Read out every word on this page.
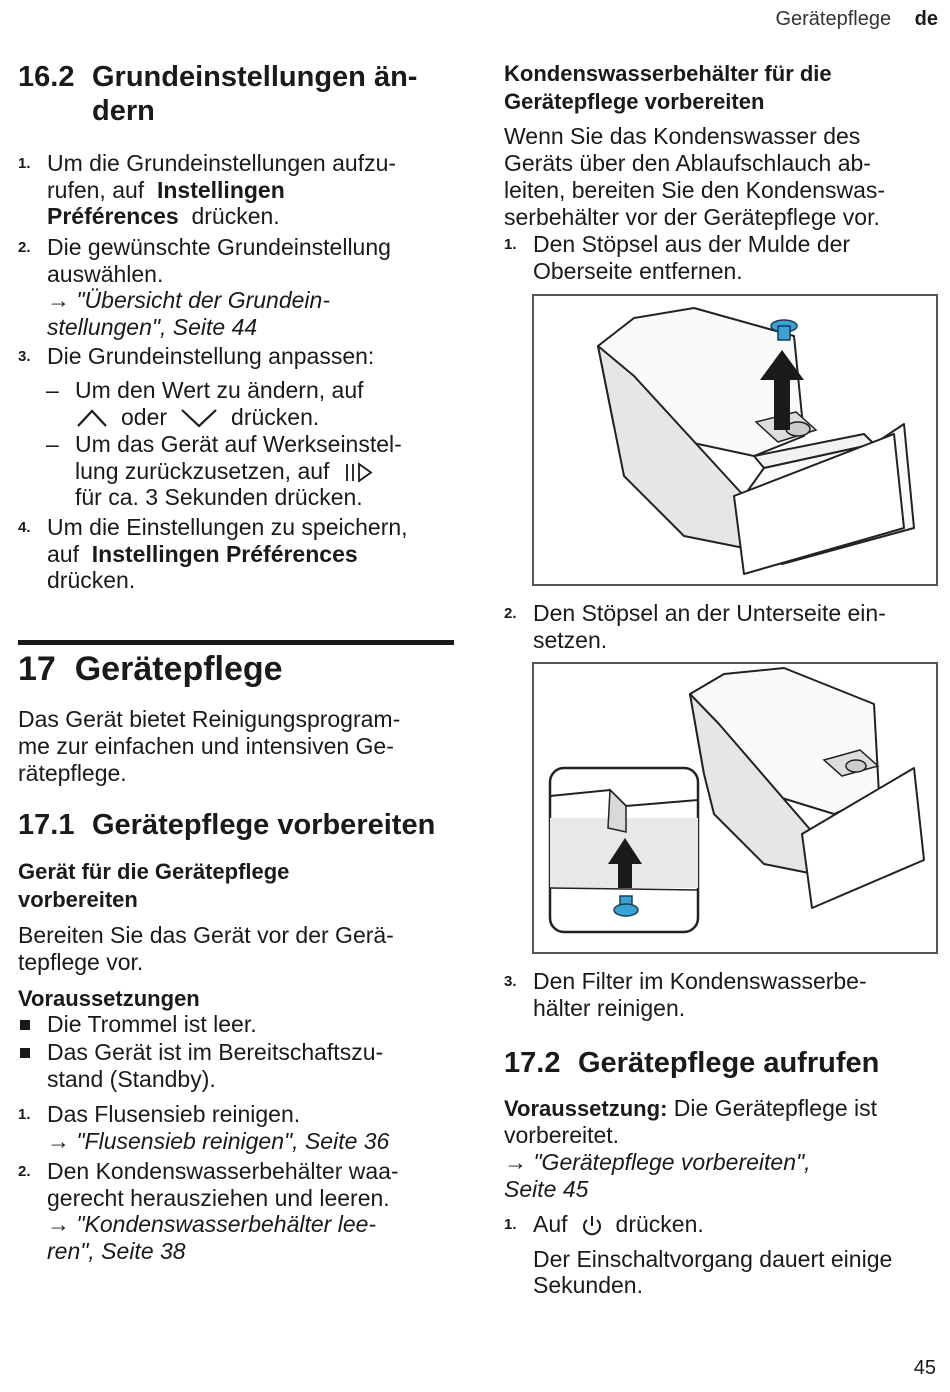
Gerätepflege de
16.2 Grundeinstellungen än-
dern
1. Um die Grundeinstellungen aufzu-
rufen, auf Instellingen
Préférences drücken.
2. Die gewünschte Grundeinstellung
auswählen.
→ "Übersicht der Grundein-
stellungen", Seite 44
3. Die Grundeinstellung anpassen:
– Um den Wert zu ändern, auf
oder	drücken.
– Um das Gerät auf Werkseinstel-
lung zurückzusetzen, auf
für ca. 3 Sekunden drücken.
4. Um die Einstellungen zu speichern,
auf Instellingen Préférences
drücken.
17 Gerätepflege
Das Gerät bietet Reinigungsprogram-
me zur einfachen und intensiven Ge-
rätepflege.
17.1 Gerätepflege vorbereiten
Gerät für die Gerätepflege
vorbereiten
Bereiten Sie das Gerät vor der Gerä-
tepflege vor.
Voraussetzungen
Die Trommel ist leer.
Das Gerät ist im Bereitschaftszu-
stand (Standby).
1. Das Flusensieb reinigen.
→ "Flusensieb reinigen", Seite 36
2. Den Kondenswasserbehälter waa-
gerecht herausziehen und leeren.
→ "Kondenswasserbehälter lee-
ren", Seite 38
Kondenswasserbehälter für die
Gerätepflege vorbereiten
Wenn Sie das Kondenswasser des
Geräts über den Ablaufschlauch ab-
leiten, bereiten Sie den Kondenswas-
serbehälter vor der Gerätepflege vor.
1. Den Stöpsel aus der Mulde der
Oberseite entfernen.
2. Den Stöpsel an der Unterseite ein-
setzen.
3. Den Filter im Kondenswasserbe-
hälter reinigen.
17.2 Gerätepflege aufrufen
Voraussetzung: Die Gerätepflege ist
vorbereitet.
→ "Gerätepflege vorbereiten",
Seite 45
1. Auf drücken.
Der Einschaltvorgang dauert einige
Sekunden.
45
